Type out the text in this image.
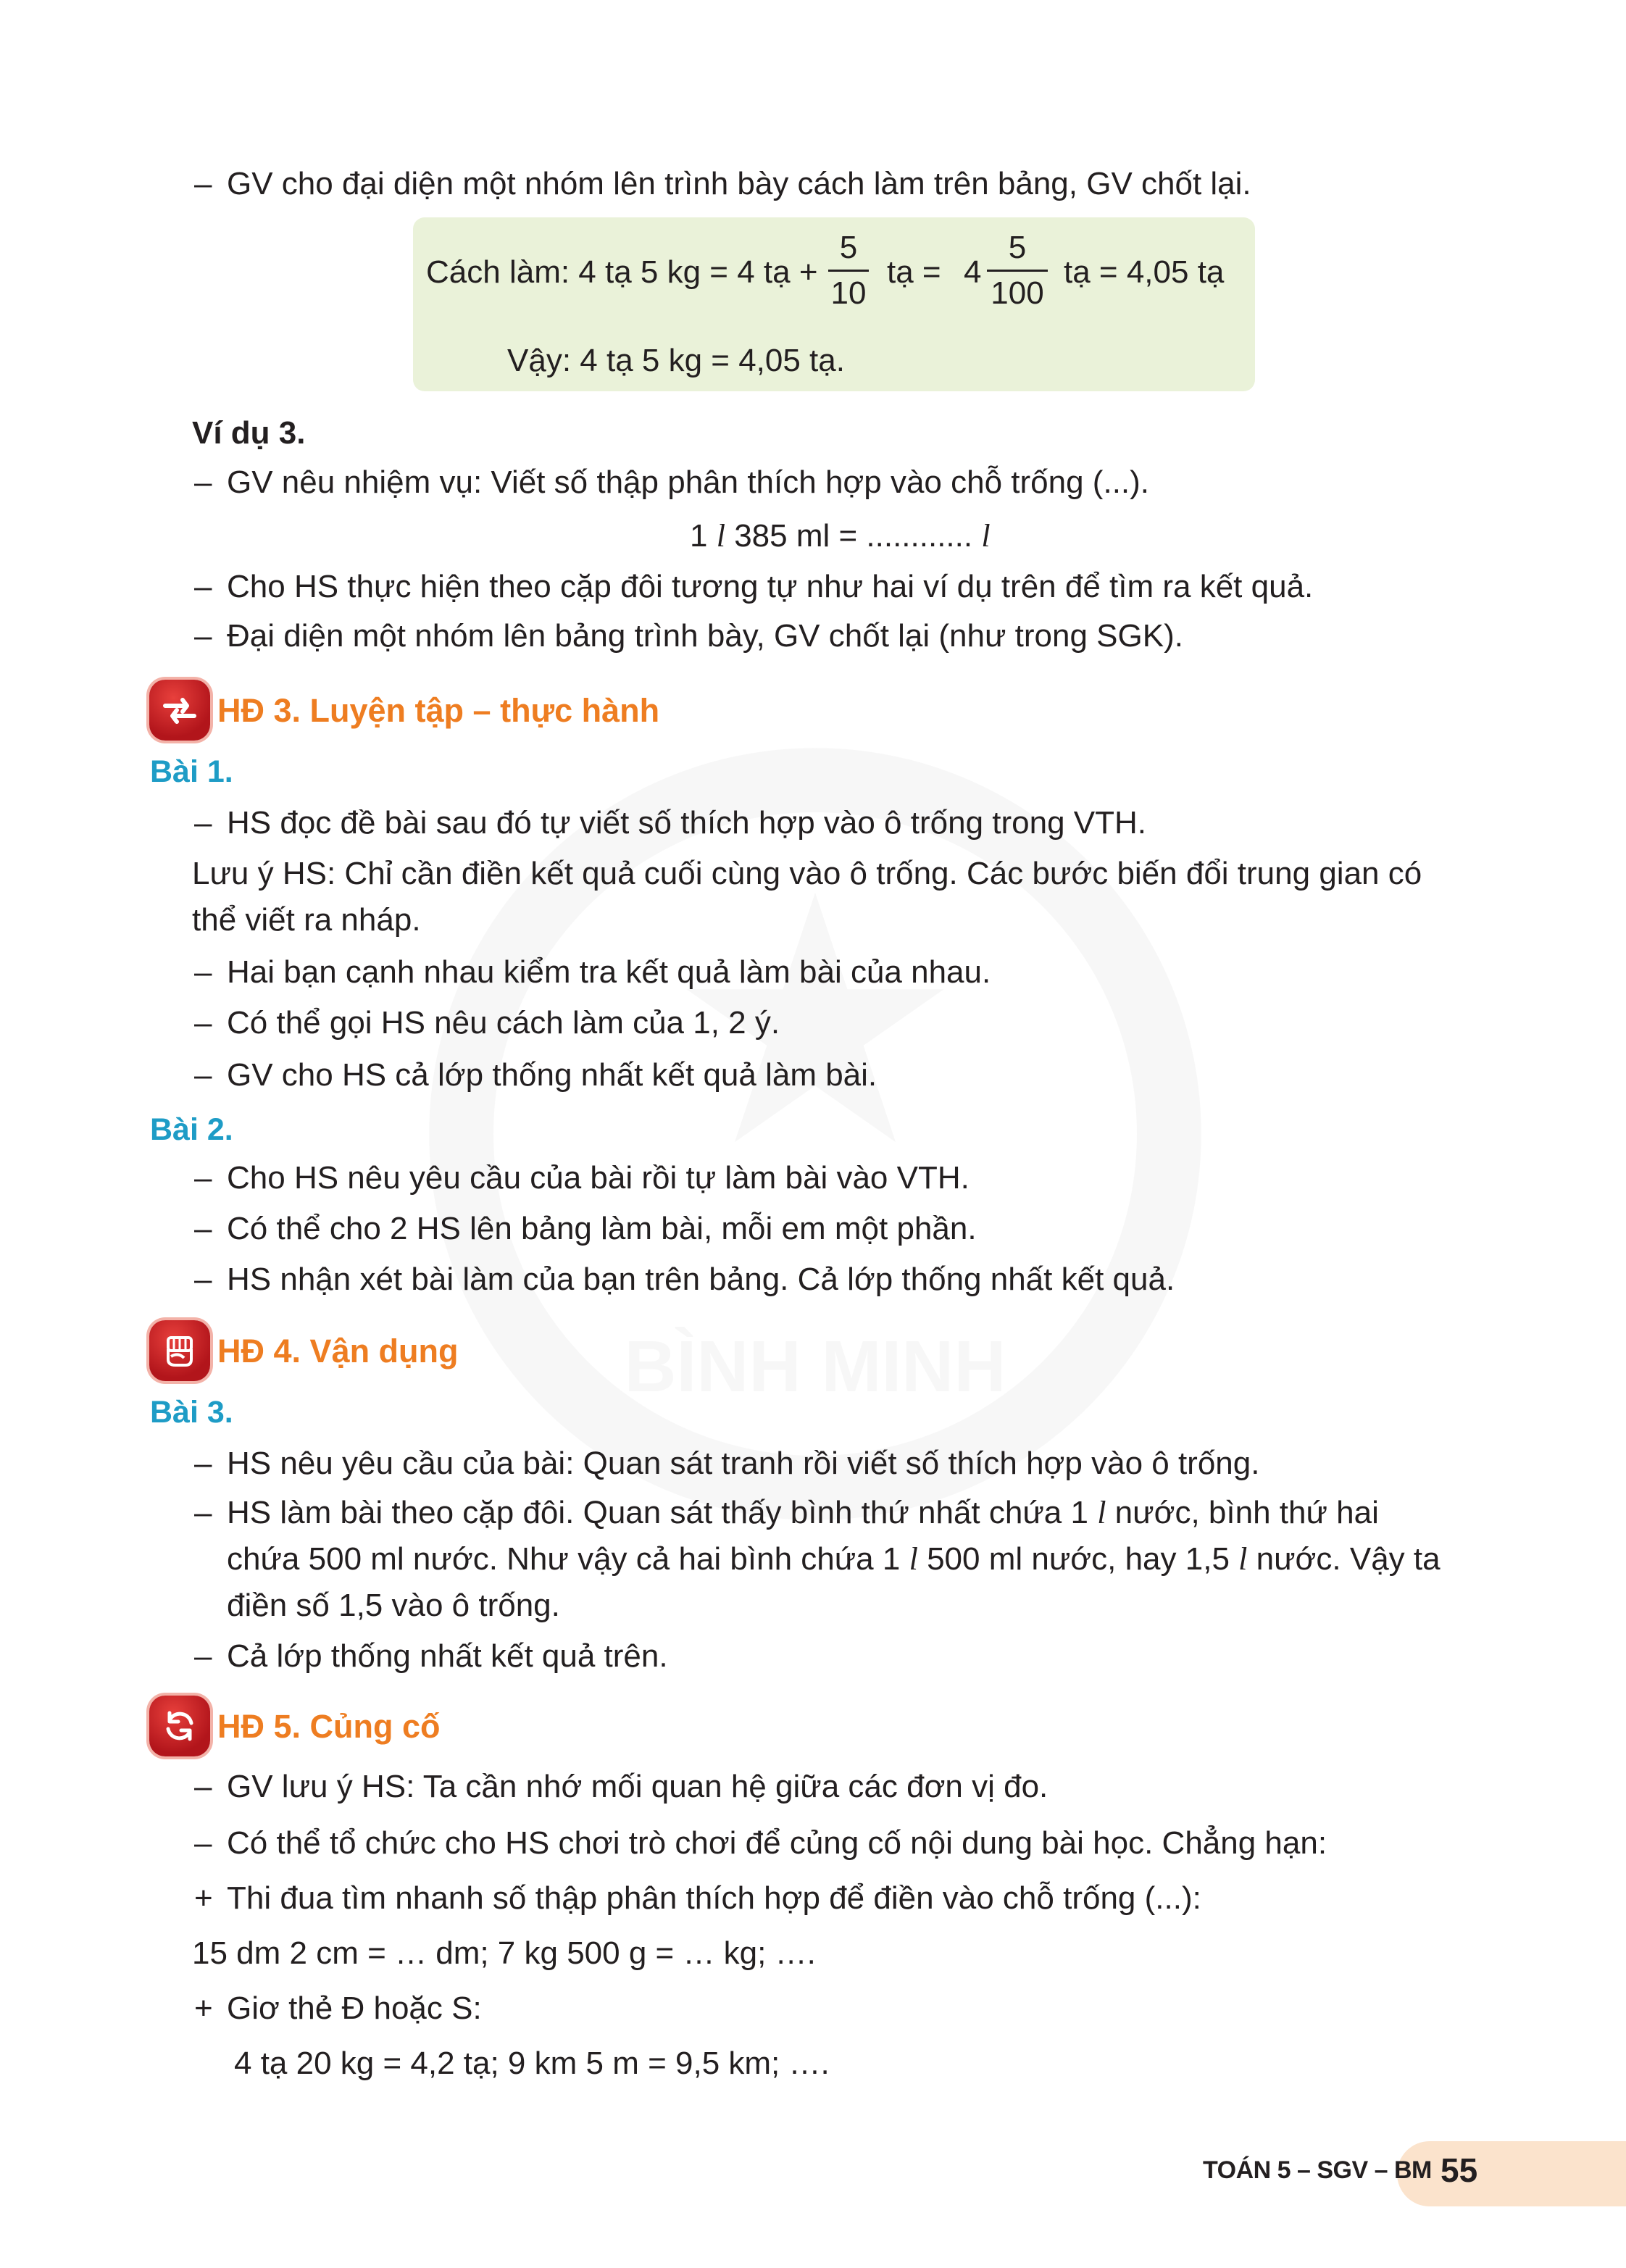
BÌNH MINH
– GV cho đại diện một nhóm lên trình bày cách làm trên bảng, GV chốt lại.
Cách làm: 4 tạ 5 kg = 4 tạ +
5
10
tạ = 4
5
100
tạ = 4,05 tạ
Vậy: 4 tạ 5 kg = 4,05 tạ.
Ví dụ 3.
– GV nêu nhiệm vụ: Viết số thập phân thích hợp vào chỗ trống (...).
1 l 385 ml = ............ l
– Cho HS thực hiện theo cặp đôi tương tự như hai ví dụ trên để tìm ra kết quả.
– Đại diện một nhóm lên bảng trình bày, GV chốt lại (như trong SGK).
HĐ 3. Luyện tập – thực hành
Bài 1.
– HS đọc đề bài sau đó tự viết số thích hợp vào ô trống trong VTH.
Lưu ý HS: Chỉ cần điền kết quả cuối cùng vào ô trống. Các bước biến đổi trung gian có
thể viết ra nháp.
– Hai bạn cạnh nhau kiểm tra kết quả làm bài của nhau.
– Có thể gọi HS nêu cách làm của 1, 2 ý.
– GV cho HS cả lớp thống nhất kết quả làm bài.
Bài 2.
– Cho HS nêu yêu cầu của bài rồi tự làm bài vào VTH.
– Có thể cho 2 HS lên bảng làm bài, mỗi em một phần.
– HS nhận xét bài làm của bạn trên bảng. Cả lớp thống nhất kết quả.
HĐ 4. Vận dụng
Bài 3.
– HS nêu yêu cầu của bài: Quan sát tranh rồi viết số thích hợp vào ô trống.
– HS làm bài theo cặp đôi. Quan sát thấy bình thứ nhất chứa 1 l nước, bình thứ hai
chứa 500 ml nước. Như vậy cả hai bình chứa 1 l 500 ml nước, hay 1,5 l nước. Vậy ta
điền số 1,5 vào ô trống.
– Cả lớp thống nhất kết quả trên.
HĐ 5. Củng cố
– GV lưu ý HS: Ta cần nhớ mối quan hệ giữa các đơn vị đo.
– Có thể tổ chức cho HS chơi trò chơi để củng cố nội dung bài học. Chẳng hạn:
+ Thi đua tìm nhanh số thập phân thích hợp để điền vào chỗ trống (...):
15 dm 2 cm = … dm; 7 kg 500 g = … kg; ….
+ Giơ thẻ Đ hoặc S:
4 tạ 20 kg = 4,2 tạ; 9 km 5 m = 9,5 km; ….
TOÁN 5 – SGV – BM 55
